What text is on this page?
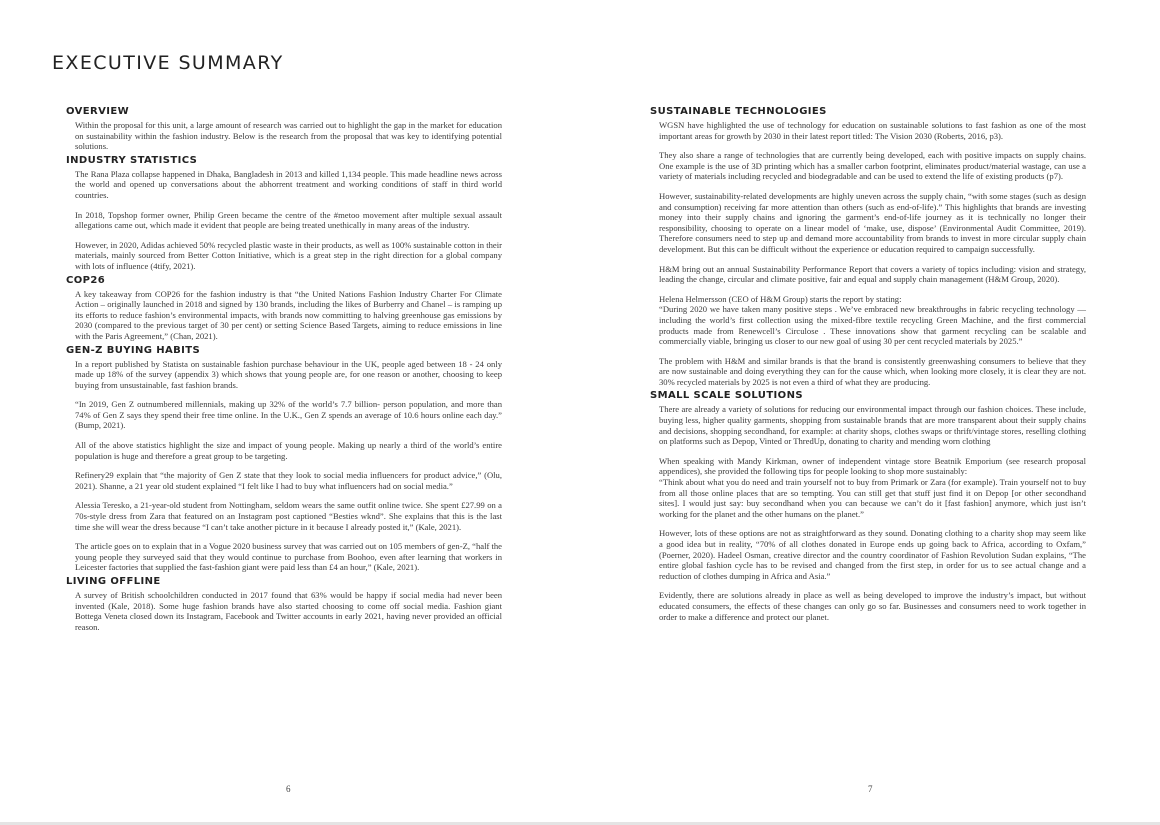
EXECUTIVE SUMMARY
OVERVIEW

Within the proposal for this unit, a large amount of research was carried out to highlight the gap in the market for education on sustainability within the fashion industry. Below is the research from the proposal that was key to identifying potential solutions.

INDUSTRY STATISTICS

The Rana Plaza collapse happened in Dhaka, Bangladesh in 2013 and killed 1,134 people. This made headline news across the world and opened up conversations about the abhorrent treatment and working conditions of staff in third world countries.

In 2018, Topshop former owner, Philip Green became the centre of the #metoo movement after multiple sexual assault allegations came out, which made it evident that people are being treated unethically in many areas of the industry.

However, in 2020, Adidas achieved 50% recycled plastic waste in their products, as well as 100% sustainable cotton in their materials, mainly sourced from Better Cotton Initiative, which is a great step in the right direction for a global company with lots of influence (4tify, 2021).

COP26

A key takeaway from COP26 for the fashion industry is that “the United Nations Fashion Industry Charter For Climate Action – originally launched in 2018 and signed by 130 brands, including the likes of Burberry and Chanel – is ramping up its efforts to reduce fashion’s environmental impacts, with brands now committing to halving greenhouse gas emissions by 2030 (compared to the previous target of 30 per cent) or setting Science Based Targets, aiming to reduce emissions in line with the Paris Agreement,” (Chan, 2021).

GEN-Z BUYING HABITS

In a report published by Statista on sustainable fashion purchase behaviour in the UK, people aged between 18 - 24 only made up 18% of the survey (appendix 3) which shows that young people are, for one reason or another, choosing to keep buying from unsustainable, fast fashion brands.

“In 2019, Gen Z outnumbered millennials, making up 32% of the world’s 7.7 billion- person population, and more than 74% of Gen Z says they spend their free time online. In the U.K., Gen Z spends an average of 10.6 hours online each day.” (Bump, 2021).

All of the above statistics highlight the size and impact of young people. Making up nearly a third of the world’s entire population is huge and therefore a great group to be targeting.

Refinery29 explain that “the majority of Gen Z state that they look to social media influencers for product advice,” (Olu, 2021). Shanne, a 21 year old student explained “I felt like I had to buy what influencers had on social media.”

Alessia Teresko, a 21-year-old student from Nottingham, seldom wears the same outfit online twice. She spent £27.99 on a 70s-style dress from Zara that featured on an Instagram post captioned “Besties wknd”. She explains that this is the last time she will wear the dress because “I can’t take another picture in it because I already posted it,” (Kale, 2021).

The article goes on to explain that in a Vogue 2020 business survey that was carried out on 105 members of gen-Z, “half the young people they surveyed said that they would continue to purchase from Boohoo, even after learning that workers in Leicester factories that supplied the fast-fashion giant were paid less than £4 an hour,” (Kale, 2021).

LIVING OFFLINE

A survey of British schoolchildren conducted in 2017 found that 63% would be happy if social media had never been invented (Kale, 2018). Some huge fashion brands have also started choosing to come off social media. Fashion giant Bottega Veneta closed down its Instagram, Facebook and Twitter accounts in early 2021, having never provided an official reason.

6
SUSTAINABLE TECHNOLOGIES

WGSN have highlighted the use of technology for education on sustainable solutions to fast fashion as one of the most important areas for growth by 2030 in their latest report titled: The Vision 2030 (Roberts, 2016, p3).

They also share a range of technologies that are currently being developed, each with positive impacts on supply chains. One example is the use of 3D printing which has a smaller carbon footprint, eliminates product/material wastage, can use a variety of materials including recycled and biodegradable and can be used to extend the life of existing products (p7).

However, sustainability-related developments are highly uneven across the supply chain, “with some stages (such as design and consumption) receiving far more attention than others (such as end-of-life).” This highlights that brands are investing money into their supply chains and ignoring the garment’s end-of-life journey as it is technically no longer their responsibility, choosing to operate on a linear model of ‘make, use, dispose’ (Environmental Audit Committee, 2019). Therefore consumers need to step up and demand more accountability from brands to invest in more circular supply chain development. But this can be difficult without the experience or education required to campaign successfully.

H&M bring out an annual Sustainability Performance Report that covers a variety of topics including: vision and strategy, leading the change, circular and climate positive, fair and equal and supply chain management (H&M Group, 2020).

Helena Helmersson (CEO of H&M Group) starts the report by stating:
“During 2020 we have taken many positive steps . We’ve embraced new breakthroughs in fabric recycling technology — including the world’s first collection using the mixed-fibre textile recycling Green Machine, and the first commercial products made from Renewcell’s Circulose . These innovations show that garment recycling can be scalable and commercially viable, bringing us closer to our new goal of using 30 per cent recycled materials by 2025.”

The problem with H&M and similar brands is that the brand is consistently greenwashing consumers to believe that they are now sustainable and doing everything they can for the cause which, when looking more closely, it is clear they are not. 30% recycled materials by 2025 is not even a third of what they are producing.

SMALL SCALE SOLUTIONS

There are already a variety of solutions for reducing our environmental impact through our fashion choices. These include, buying less, higher quality garments, shopping from sustainable brands that are more transparent about their supply chains and decisions, shopping secondhand, for example: at charity shops, clothes swaps or thrift/vintage stores, reselling clothing on platforms such as Depop, Vinted or ThredUp, donating to charity and mending worn clothing

When speaking with Mandy Kirkman, owner of independent vintage store Beatnik Emporium (see research proposal appendices), she provided the following tips for people looking to shop more sustainably:
“Think about what you do need and train yourself not to buy from Primark or Zara (for example). Train yourself not to buy from all those online places that are so tempting. You can still get that stuff just find it on Depop [or other secondhand sites]. I would just say: buy secondhand when you can because we can’t do it [fast fashion] anymore, which just isn’t working for the planet and the other humans on the planet.”

However, lots of these options are not as straightforward as they sound. Donating clothing to a charity shop may seem like a good idea but in reality, “70% of all clothes donated in Europe ends up going back to Africa, according to Oxfam,” (Poerner, 2020). Hadeel Osman, creative director and the country coordinator of Fashion Revolution Sudan explains, “The entire global fashion cycle has to be revised and changed from the first step, in order for us to see actual change and a reduction of clothes dumping in Africa and Asia.”

Evidently, there are solutions already in place as well as being developed to improve the industry’s impact, but without educated consumers, the effects of these changes can only go so far. Businesses and consumers need to work together in order to make a difference and protect our planet.

7
